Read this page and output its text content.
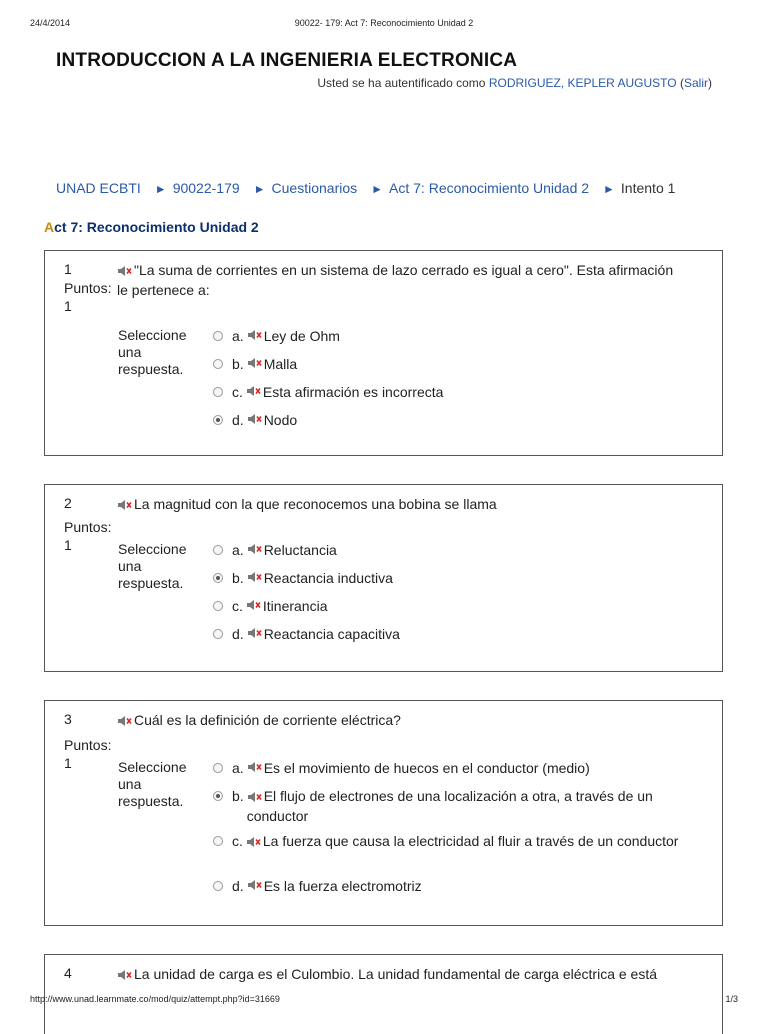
24/4/2014	90022- 179: Act 7: Reconocimiento Unidad 2
INTRODUCCION A LA INGENIERIA ELECTRONICA
Usted se ha autentificado como RODRIGUEZ, KEPLER AUGUSTO (Salir)
UNAD ECBTI ► 90022-179 ► Cuestionarios ► Act 7: Reconocimiento Unidad 2 ► Intento 1
Act 7: Reconocimiento Unidad 2
1
Puntos:
1
"La suma de corrientes en un sistema de lazo cerrado es igual a cero". Esta afirmación le pertenece a:
Seleccione una respuesta.
a. Ley de Ohm
b. Malla
c. Esta afirmación es incorrecta
d. Nodo
2
Puntos:
1
La magnitud con la que reconocemos una bobina se llama
Seleccione una respuesta.
a. Reluctancia
b. Reactancia inductiva
c. Itinerancia
d. Reactancia capacitiva
3
Puntos:
1
Cuál es la definición de corriente eléctrica?
Seleccione una respuesta.
a. Es el movimiento de huecos en el conductor (medio)
b.	El flujo de electrones de una localización a otra, a través de un conductor
c.	La fuerza que causa la electricidad al fluir a través de un conductor
d. Es la fuerza electromotriz
4	La unidad de carga es el Culombio. La unidad fundamental de carga eléctrica e está
http://www.unad.learnmate.co/mod/quiz/attempt.php?id=31669	1/3
